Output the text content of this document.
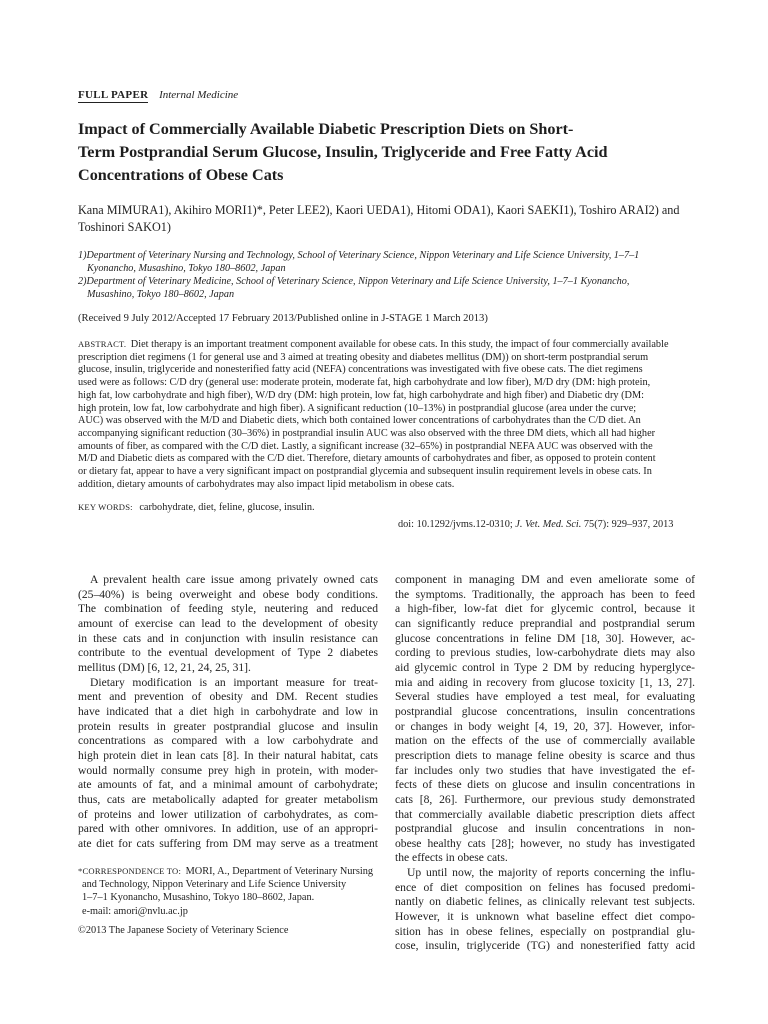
FULL PAPER Internal Medicine
Impact of Commercially Available Diabetic Prescription Diets on Short-
Term Postprandial Serum Glucose, Insulin, Triglyceride and Free Fatty Acid
Concentrations of Obese Cats
Kana MIMURA1), Akihiro MORI1)*, Peter LEE2), Kaori UEDA1), Hitomi ODA1), Kaori SAEKI1), Toshiro ARAI2) and
Toshinori SAKO1)
1)Department of Veterinary Nursing and Technology, School of Veterinary Science, Nippon Veterinary and Life Science University, 1–7–1
Kyonancho, Musashino, Tokyo 180–8602, Japan
2)Department of Veterinary Medicine, School of Veterinary Science, Nippon Veterinary and Life Science University, 1–7–1 Kyonancho,
Musashino, Tokyo 180–8602, Japan
(Received 9 July 2012/Accepted 17 February 2013/Published online in J-STAGE 1 March 2013)
ABSTRACT. Diet therapy is an important treatment component available for obese cats. In this study, the impact of four commercially available
prescription diet regimens (1 for general use and 3 aimed at treating obesity and diabetes mellitus (DM)) on short-term postprandial serum
glucose, insulin, triglyceride and nonesterified fatty acid (NEFA) concentrations was investigated with five obese cats. The diet regimens
used were as follows: C/D dry (general use: moderate protein, moderate fat, high carbohydrate and low fiber), M/D dry (DM: high protein,
high fat, low carbohydrate and high fiber), W/D dry (DM: high protein, low fat, high carbohydrate and high fiber) and Diabetic dry (DM:
high protein, low fat, low carbohydrate and high fiber). A significant reduction (10–13%) in postprandial glucose (area under the curve;
AUC) was observed with the M/D and Diabetic diets, which both contained lower concentrations of carbohydrates than the C/D diet. An
accompanying significant reduction (30–36%) in postprandial insulin AUC was also observed with the three DM diets, which all had higher
amounts of fiber, as compared with the C/D diet. Lastly, a significant increase (32–65%) in postprandial NEFA AUC was observed with the
M/D and Diabetic diets as compared with the C/D diet. Therefore, dietary amounts of carbohydrates and fiber, as opposed to protein content
or dietary fat, appear to have a very significant impact on postprandial glycemia and subsequent insulin requirement levels in obese cats. In
addition, dietary amounts of carbohydrates may also impact lipid metabolism in obese cats.
KEY WORDS: carbohydrate, diet, feline, glucose, insulin.
doi: 10.1292/jvms.12-0310; J. Vet. Med. Sci. 75(7): 929–937, 2013
A prevalent health care issue among privately owned cats
(25–40%) is being overweight and obese body conditions.
The combination of feeding style, neutering and reduced
amount of exercise can lead to the development of obesity
in these cats and in conjunction with insulin resistance can
contribute to the eventual development of Type 2 diabetes
mellitus (DM) [6, 12, 21, 24, 25, 31].
Dietary modification is an important measure for treat-
ment and prevention of obesity and DM. Recent studies
have indicated that a diet high in carbohydrate and low in
protein results in greater postprandial glucose and insulin
concentrations as compared with a low carbohydrate and
high protein diet in lean cats [8]. In their natural habitat, cats
would normally consume prey high in protein, with moder-
ate amounts of fat, and a minimal amount of carbohydrate;
thus, cats are metabolically adapted for greater metabolism
of proteins and lower utilization of carbohydrates, as com-
pared with other omnivores. In addition, use of an appropri-
ate diet for cats suffering from DM may serve as a treatment
component in managing DM and even ameliorate some of
the symptoms. Traditionally, the approach has been to feed
a high-fiber, low-fat diet for glycemic control, because it
can significantly reduce preprandial and postprandial serum
glucose concentrations in feline DM [18, 30]. However, ac-
cording to previous studies, low-carbohydrate diets may also
aid glycemic control in Type 2 DM by reducing hyperglyce-
mia and aiding in recovery from glucose toxicity [1, 13, 27].
Several studies have employed a test meal, for evaluating
postprandial glucose concentrations, insulin concentrations
or changes in body weight [4, 19, 20, 37]. However, infor-
mation on the effects of the use of commercially available
prescription diets to manage feline obesity is scarce and thus
far includes only two studies that have investigated the ef-
fects of these diets on glucose and insulin concentrations in
cats [8, 26]. Furthermore, our previous study demonstrated
that commercially available diabetic prescription diets affect
postprandial glucose and insulin concentrations in non-
obese healthy cats [28]; however, no study has investigated
the effects in obese cats.
Up until now, the majority of reports concerning the influ-
ence of diet composition on felines has focused predomi-
nantly on diabetic felines, as clinically relevant test subjects.
However, it is unknown what baseline effect diet compo-
sition has in obese felines, especially on postprandial glu-
cose, insulin, triglyceride (TG) and nonesterified fatty acid
*CORRESPONDENCE TO: MORI, A., Department of Veterinary Nursing
and Technology, Nippon Veterinary and Life Science University
1–7–1 Kyonancho, Musashino, Tokyo 180–8602, Japan.
e-mail: amori@nvlu.ac.jp
©2013 The Japanese Society of Veterinary Science
